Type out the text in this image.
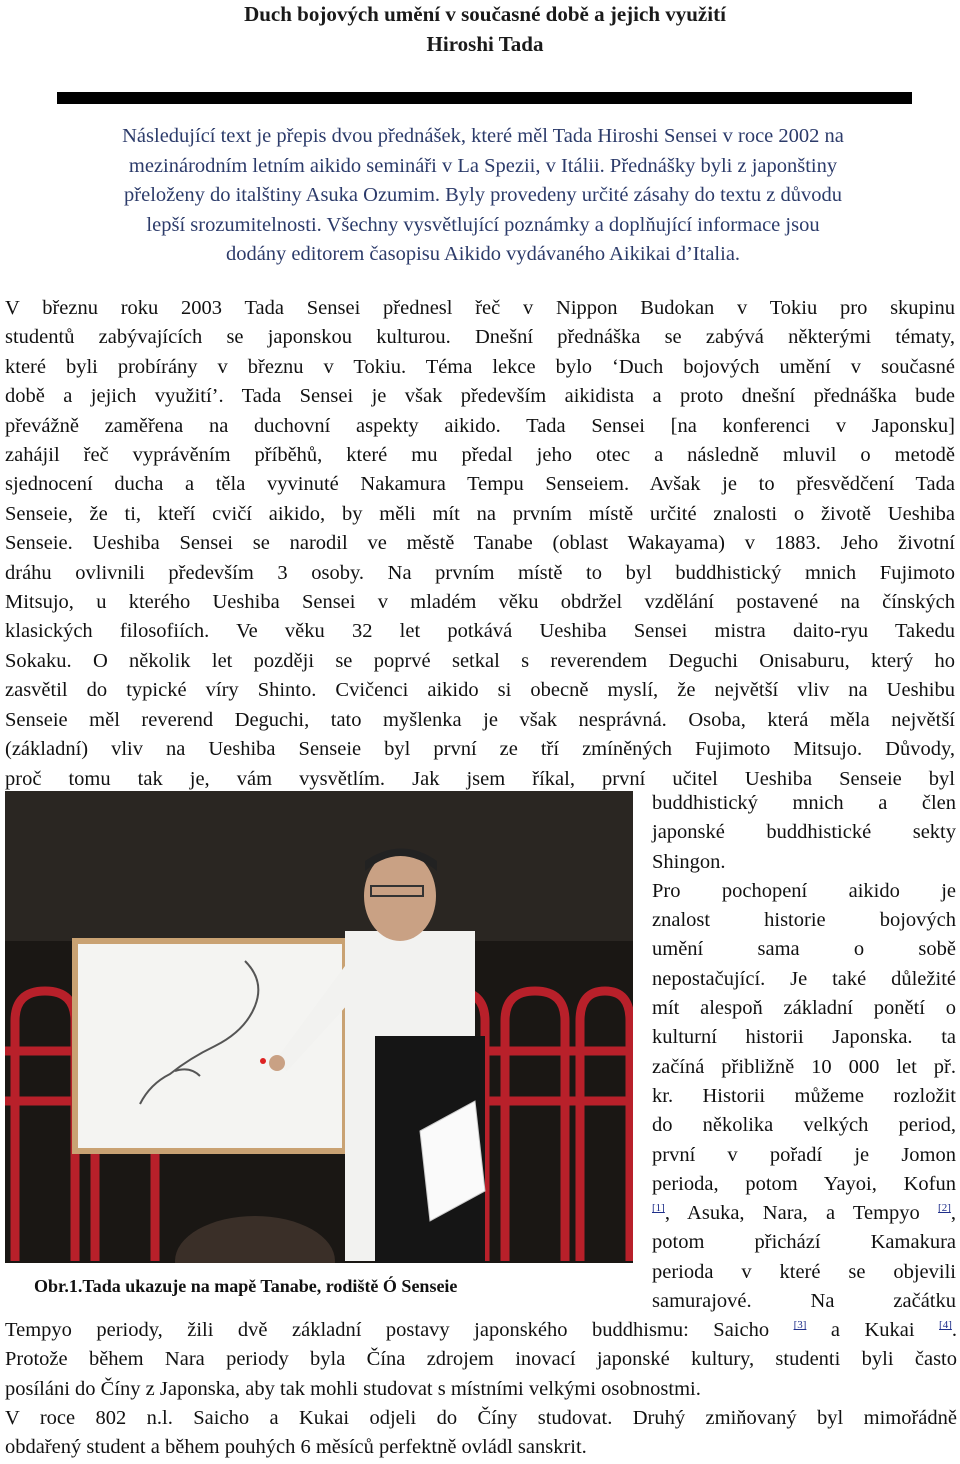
Duch bojových umění v současné době a jejich využití
Hiroshi Tada

Následující text je přepis dvou přednášek, které měl Tada Hiroshi Sensei v roce 2002 na

mezinárodním letním aikido semináři v La Spezii, v Itálii. Přednášky byli z japonštiny

přeloženy do italštiny Asuka Ozumim. Byly provedeny určité zásahy do textu z důvodu

lepší srozumitelnosti. Všechny vysvětlující poznámky a doplňující informace jsou

dodány editorem časopisu Aikido vydávaného Aikikai d’Italia.

V březnu roku 2003 Tada Sensei přednesl řeč v Nippon Budokan v Tokiu pro skupinu
studentů zabývajících se japonskou kulturou. Dnešní přednáška se zabývá některými tématy,
které byli probírány v březnu v Tokiu. Téma lekce bylo ‘Duch bojových umění v současné
době a jejich využití’. Tada Sensei je však především aikidista a proto dnešní přednáška bude
převážně zaměřena na duchovní aspekty aikido. Tada Sensei [na konferenci v Japonsku]
zahájil řeč vyprávěním příběhů, které mu předal jeho otec a následně mluvil o metodě
sjednocení ducha a těla vyvinuté Nakamura Tempu Senseiem. Avšak je to přesvědčení Tada
Senseie, že ti, kteří cvičí aikido, by měli mít na prvním místě určité znalosti o životě Ueshiba
Senseie. Ueshiba Sensei se narodil ve městě Tanabe (oblast Wakayama) v 1883. Jeho životní
dráhu ovlivnili především 3 osoby. Na prvním místě to byl buddhistický mnich Fujimoto
Mitsujo, u kterého Ueshiba Sensei v mladém věku obdržel vzdělání postavené na čínských
klasických filosofiích. Ve věku 32 let potkává Ueshiba Sensei mistra daito-ryu Takedu
Sokaku. O několik let později se poprvé setkal s reverendem Deguchi Onisaburu, který ho
zasvětil do typické víry Shinto. Cvičenci aikido si obecně myslí, že největší vliv na Ueshibu
Senseie měl reverend Deguchi, tato myšlenka je však nesprávná. Osoba, která měla největší
(základní) vliv na Ueshiba Senseie byl první ze tří zmíněných Fujimoto Mitsujo. Důvody,
proč tomu tak je, vám vysvětlím. Jak jsem říkal, první učitel Ueshiba Senseie byl
Obr.1.Tada ukazuje na mapě Tanabe, rodiště Ó Senseie
buddhistický mnich a člen
japonské buddhistické sekty
Shingon.
Pro pochopení aikido je
znalost historie bojových
umění sama o sobě
nepostačující. Je také důležité
mít alespoň základní ponětí o
kulturní historii Japonska. ta
začíná přibližně 10 000 let př.
kr. Historii můžeme rozložit
do několika velkých period,
první v pořadí je Jomon
perioda, potom Yayoi, Kofun
[1], Asuka, Nara, a Tempyo [2],
potom přichází Kamakura
perioda v které se objevili
samurajové. Na začátku
Tempyo periody, žili dvě základní postavy japonského buddhismu: Saicho [3] a Kukai [4].
Protože během Nara periody byla Čína zdrojem inovací japonské kultury, studenti byli často
posíláni do Číny z Japonska, aby tak mohli studovat s místními velkými osobnostmi.
V roce 802 n.l. Saicho a Kukai odjeli do Číny studovat. Druhý zmiňovaný byl mimořádně
obdařený student a během pouhých 6 měsíců perfektně ovládl sanskrit.
